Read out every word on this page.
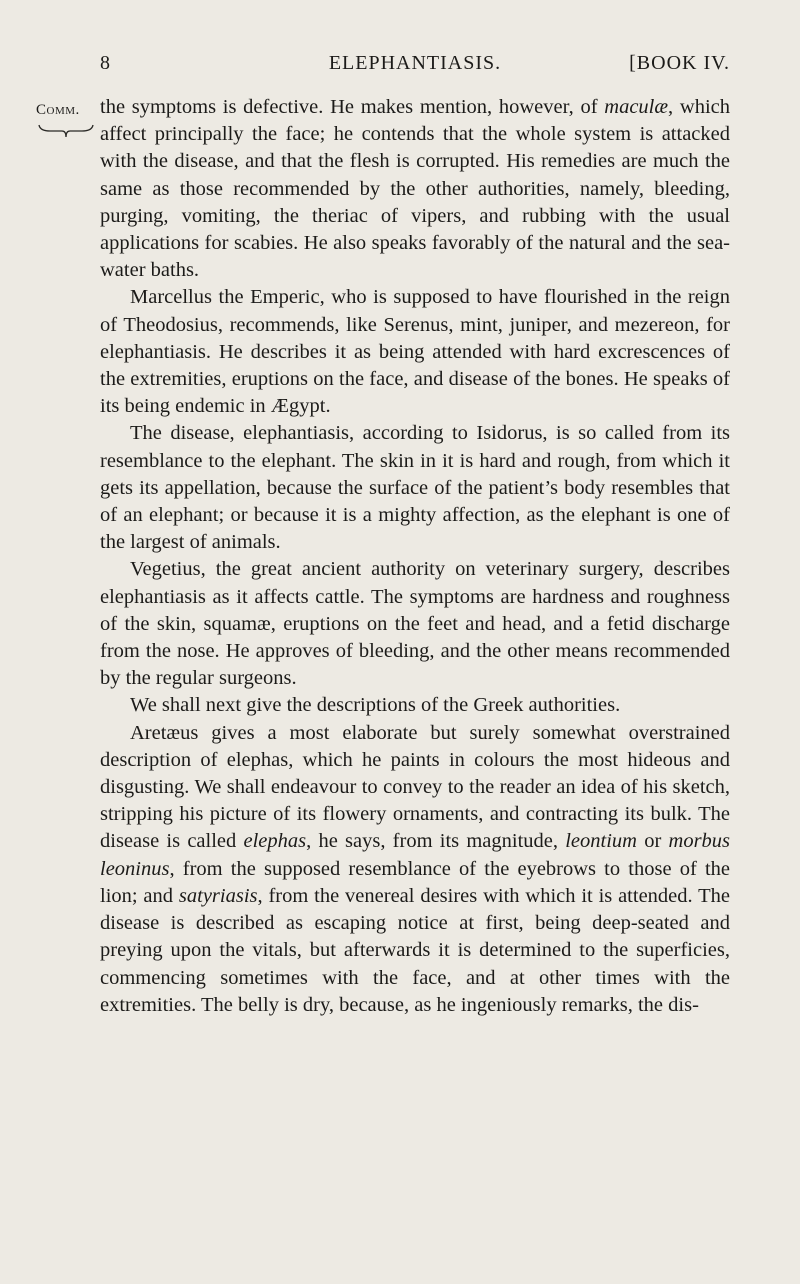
8	ELEPHANTIASIS.	[BOOK IV.
Comm. the symptoms is defective. He makes mention, however, of maculæ, which affect principally the face; he contends that the whole system is attacked with the disease, and that the flesh is corrupted. His remedies are much the same as those recommended by the other authorities, namely, bleeding, purging, vomiting, the theriac of vipers, and rubbing with the usual applications for scabies. He also speaks favorably of the natural and the sea-water baths.

Marcellus the Emperic, who is supposed to have flourished in the reign of Theodosius, recommends, like Serenus, mint, juniper, and mezereon, for elephantiasis. He describes it as being attended with hard excrescences of the extremities, eruptions on the face, and disease of the bones. He speaks of its being endemic in Ægypt.

The disease, elephantiasis, according to Isidorus, is so called from its resemblance to the elephant. The skin in it is hard and rough, from which it gets its appellation, because the surface of the patient’s body resembles that of an elephant; or because it is a mighty affection, as the elephant is one of the largest of animals.

Vegetius, the great ancient authority on veterinary surgery, describes elephantiasis as it affects cattle. The symptoms are hardness and roughness of the skin, squamæ, eruptions on the feet and head, and a fetid discharge from the nose. He approves of bleeding, and the other means recommended by the regular surgeons.

We shall next give the descriptions of the Greek authorities.

Aretæus gives a most elaborate but surely somewhat overstrained description of elephas, which he paints in colours the most hideous and disgusting. We shall endeavour to convey to the reader an idea of his sketch, stripping his picture of its flowery ornaments, and contracting its bulk. The disease is called elephas, he says, from its magnitude, leontium or morbus leoninus, from the supposed resemblance of the eyebrows to those of the lion; and satyriasis, from the venereal desires with which it is attended. The disease is described as escaping notice at first, being deep-seated and preying upon the vitals, but afterwards it is determined to the superficies, commencing sometimes with the face, and at other times with the extremities. The belly is dry, because, as he ingeniously remarks, the dis-
